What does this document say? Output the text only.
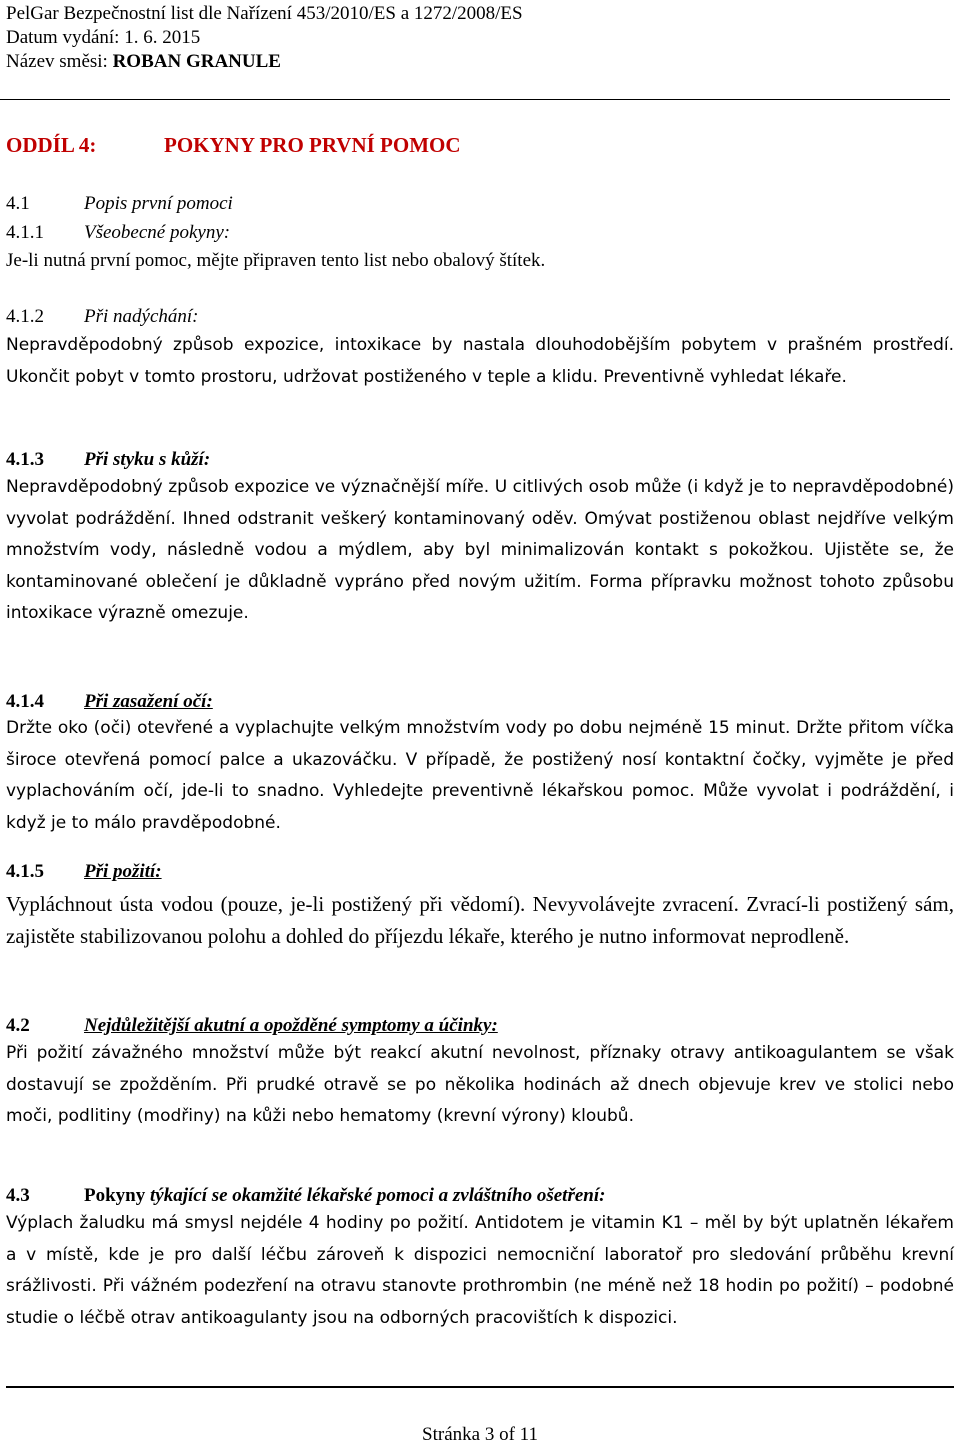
PelGar Bezpečnostní list dle Nařízení 453/2010/ES a 1272/2008/ES
Datum vydání: 1. 6. 2015
Název směsi: ROBAN GRANULE
ODDÍL 4:	POKYNY PRO PRVNÍ POMOC
4.1	Popis první pomoci
4.1.1 Všeobecné pokyny:
Je-li nutná první pomoc, mějte připraven tento list nebo obalový štítek.
4.1.2 Při nadýchání:
Nepravděpodobný způsob expozice, intoxikace by nastala dlouhodobějším pobytem v prašném prostředí. Ukončit pobyt v tomto prostoru, udržovat postiženého v teple a klidu. Preventivně vyhledat lékaře.
4.1.3 Při styku s kůží:
Nepravděpodobný způsob expozice ve význačnější míře. U citlivých osob může (i když je to nepravděpodobné) vyvolat podráždění. Ihned odstranit veškerý kontaminovaný oděv. Omývat postiženou oblast nejdříve velkým množstvím vody, následně vodou a mýdlem, aby byl minimalizován kontakt s pokožkou. Ujistěte se, že kontaminované oblečení je důkladně vypráno před novým užitím. Forma přípravku možnost tohoto způsobu intoxikace výrazně omezuje.
4.1.4 Při zasažení očí:
Držte oko (oči) otevřené a vyplachujte velkým množstvím vody po dobu nejméně 15 minut. Držte přitom víčka široce otevřená pomocí palce a ukazováčku. V případě, že postižený nosí kontaktní čočky, vyjměte je před vyplachováním očí, jde-li to snadno. Vyhledejte preventivně lékařskou pomoc. Může vyvolat i podráždění, i když je to málo pravděpodobné.
4.1.5 Při požití:
Vypláchnout ústa vodou (pouze, je-li postižený při vědomí). Nevyvolávejte zvracení. Zvrací-li postižený sám, zajistěte stabilizovanou polohu a dohled do příjezdu lékaře, kterého je nutno informovat neprodleně.
4.2	Nejdůležitější akutní a opožděné symptomy a účinky:
Při požití závažného množství může být reakcí akutní nevolnost, příznaky otravy antikoagulantem se však dostavují se zpožděním. Při prudké otravě se po několika hodinách až dnech objevuje krev ve stolici nebo moči, podlitiny (modřiny) na kůži nebo hematomy (krevní výrony) kloubů.
4.3	Pokyny týkající se okamžité lékařské pomoci a zvláštního ošetření:
Výplach žaludku má smysl nejdéle 4 hodiny po požití. Antidotem je vitamin K1 – měl by být uplatněn lékařem a v místě, kde je pro další léčbu zároveň k dispozici nemocniční laboratoř pro sledování průběhu krevní srážlivosti. Při vážném podezření na otravu stanovte prothrombin (ne méně než 18 hodin po požití) – podobné studie o léčbě otrav antikoagulanty jsou na odborných pracovištích k dispozici.
Stránka 3 of 11
